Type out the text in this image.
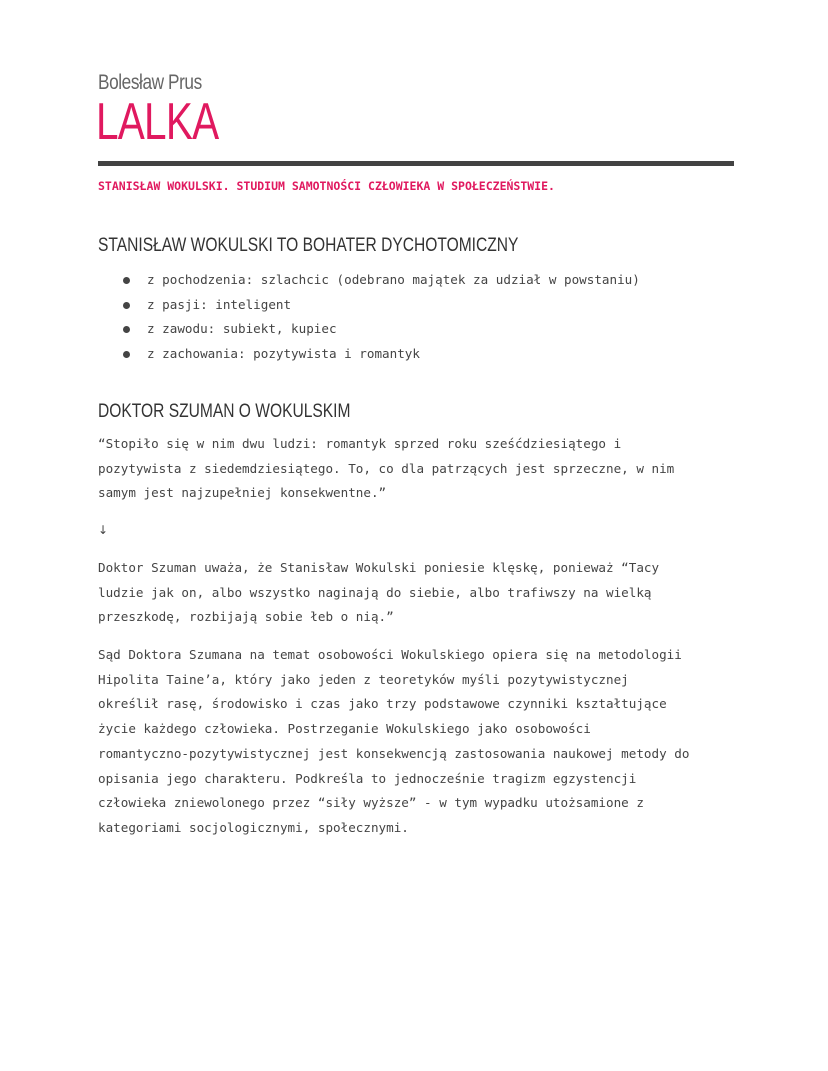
Bolesław Prus
LALKA
STANISŁAW WOKULSKI. STUDIUM SAMOTNOŚCI CZŁOWIEKA W SPOŁECZEŃSTWIE.
STANISŁAW WOKULSKI TO BOHATER DYCHOTOMICZNY
z pochodzenia: szlachcic (odebrano majątek za udział w powstaniu)
z pasji: inteligent
z zawodu: subiekt, kupiec
z zachowania: pozytywista i romantyk
DOKTOR SZUMAN O WOKULSKIM
“Stopiło się w nim dwu ludzi: romantyk sprzed roku sześćdziesiątego i
pozytywista z siedemdziesiątego. To, co dla patrzących jest sprzeczne, w nim
samym jest najzupełniej konsekwentne.”
↓
Doktor Szuman uważa, że Stanisław Wokulski poniesie klęskę, ponieważ “Tacy
ludzie jak on, albo wszystko naginają do siebie, albo trafiwszy na wielką
przeszkodę, rozbijają sobie łeb o nią.”
Sąd Doktora Szumana na temat osobowości Wokulskiego opiera się na metodologii
Hipolita Taine’a, który jako jeden z teoretyków myśli pozytywistycznej
określił rasę, środowisko i czas jako trzy podstawowe czynniki kształtujące
życie każdego człowieka. Postrzeganie Wokulskiego jako osobowości
romantyczno-pozytywistycznej jest konsekwencją zastosowania naukowej metody do
opisania jego charakteru. Podkreśla to jednocześnie tragizm egzystencji
człowieka zniewolonego przez “siły wyższe” - w tym wypadku utożsamione z
kategoriami socjologicznymi, społecznymi.
